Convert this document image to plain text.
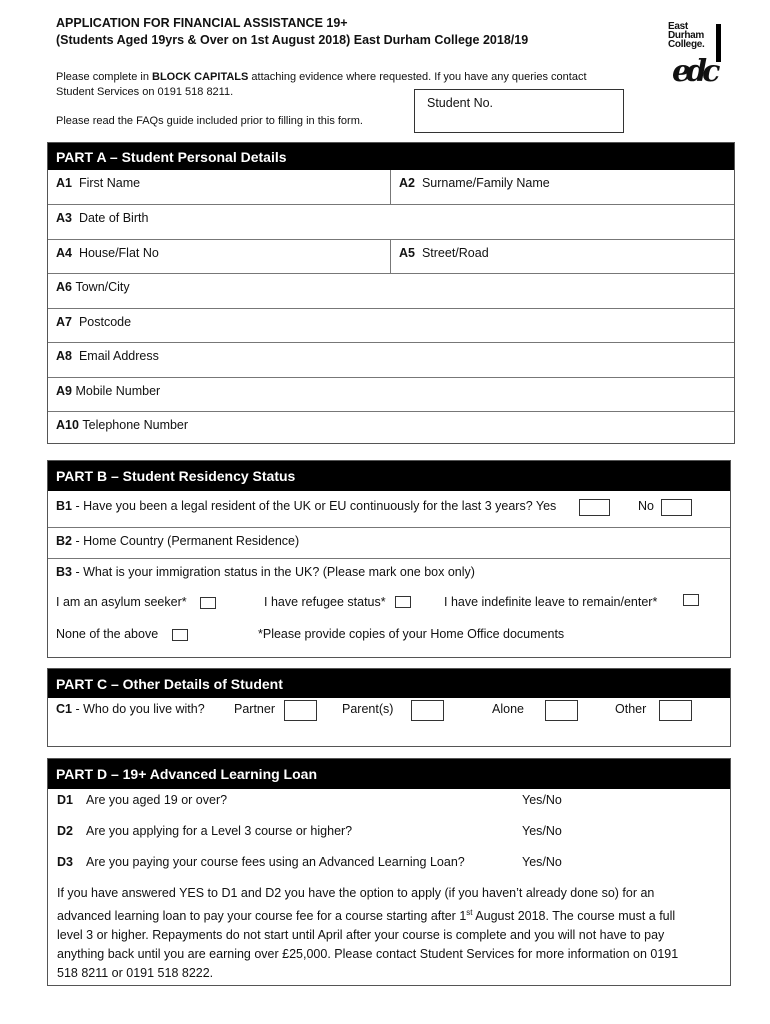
APPLICATION FOR FINANCIAL ASSISTANCE 19+
(Students Aged 19yrs & Over on 1st August 2018) East Durham College 2018/19
Please complete in BLOCK CAPITALS attaching evidence where requested. If you have any queries contact
Student Services on 0191 518 8211.
Please read the FAQs guide included prior to filling in this form.
Student No.
East
Durham
College.
edc
PART A – Student Personal Details
A1 First Name	A2 Surname/Family Name
A3 Date of Birth
A4 House/Flat No	A5 Street/Road
A6 Town/City
A7 Postcode
A8 Email Address
A9 Mobile Number
A10 Telephone Number
PART B – Student Residency Status
B1 - Have you been a legal resident of the UK or EU continuously for the last 3 years? Yes	No
B2 - Home Country (Permanent Residence)
B3 - What is your immigration status in the UK? (Please mark one box only)
I am an asylum seeker*	I have refugee status*	I have indefinite leave to remain/enter*
None of the above	*Please provide copies of your Home Office documents
PART C – Other Details of Student
C1 - Who do you live with? Partner	Parent(s)	Alone	Other
PART D – 19+ Advanced Learning Loan
D1 Are you aged 19 or over?	Yes/No
D2 Are you applying for a Level 3 course or higher?	Yes/No
D3 Are you paying your course fees using an Advanced Learning Loan?	Yes/No
If you have answered YES to D1 and D2 you have the option to apply (if you haven’t already done so) for an
advanced learning loan to pay your course fee for a course starting after 1st August 2018. The course must a full
level 3 or higher. Repayments do not start until April after your course is complete and you will not have to pay
anything back until you are earning over £25,000. Please contact Student Services for more information on 0191
518 8211 or 0191 518 8222.
